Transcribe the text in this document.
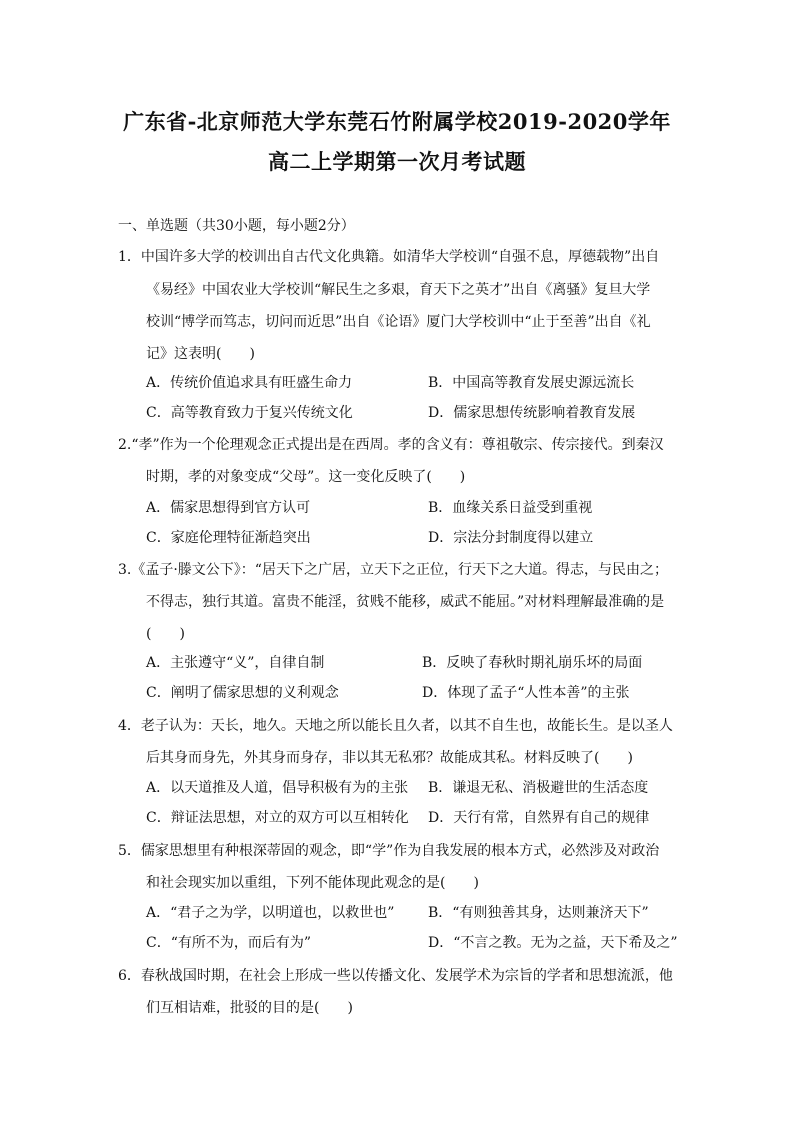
广东省-北京师范大学东莞石竹附属学校2019-2020学年
高二上学期第一次月考试题
一、单选题（共30小题，每小题2分）
1．中国许多大学的校训出自古代文化典籍。如清华大学校训“自强不息，厚德载物”出自
《易经》中国农业大学校训“解民生之多艰，育天下之英才”出自《离骚》复旦大学
校训“博学而笃志，切问而近思”出自《论语》厦门大学校训中“止于至善”出自《礼
记》这表明(　　)
A．传统价值追求具有旺盛生命力	B．中国高等教育发展史源远流长
C．高等教育致力于复兴传统文化	D．儒家思想传统影响着教育发展
2.“孝”作为一个伦理观念正式提出是在西周。孝的含义有：尊祖敬宗、传宗接代。到秦汉
时期，孝的对象变成“父母”。这一变化反映了(　　)
A．儒家思想得到官方认可	B．血缘关系日益受到重视
C．家庭伦理特征渐趋突出	D．宗法分封制度得以建立
3.《孟子·滕文公下》：“居天下之广居，立天下之正位，行天下之大道。得志，与民由之；
不得志，独行其道。富贵不能淫，贫贱不能移，威武不能屈。”对材料理解最准确的是
(　　)
A．主张遵守“义”，自律自制	B．反映了春秋时期礼崩乐坏的局面
C．阐明了儒家思想的义利观念	D．体现了孟子“人性本善”的主张
4．老子认为：天长，地久。天地之所以能长且久者，以其不自生也，故能长生。是以圣人
后其身而身先，外其身而身存，非以其无私邪？故能成其私。材料反映了(　　)
A．以天道推及人道，倡导积极有为的主张 B．谦退无私、消极避世的生活态度
C．辩证法思想，对立的双方可以互相转化 D．天行有常，自然界有自己的规律
5．儒家思想里有种根深蒂固的观念，即“学”作为自我发展的根本方式，必然涉及对政治
和社会现实加以重组，下列不能体现此观念的是(　　)
A．“君子之为学，以明道也，以救世也” B．“有则独善其身，达则兼济天下”
C．“有所不为，而后有为”	D．“不言之教。无为之益，天下希及之”
6．春秋战国时期，在社会上形成一些以传播文化、发展学术为宗旨的学者和思想流派，他
们互相诘难，批驳的目的是(　　)
